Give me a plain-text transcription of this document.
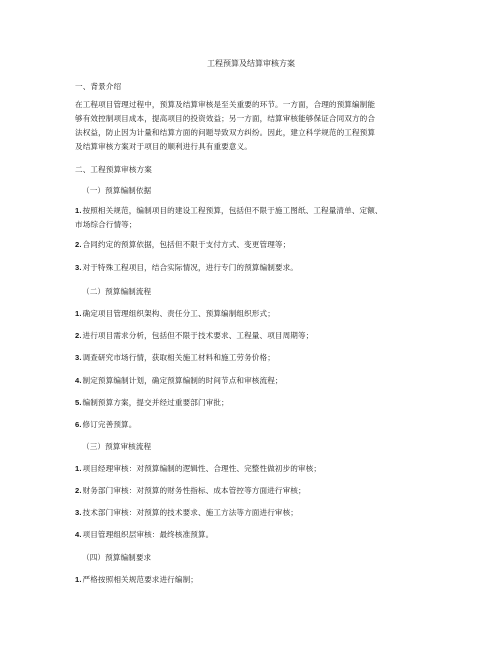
工程预算及结算审核方案

一、背景介绍

在工程项目管理过程中，预算及结算审核是至关重要的环节。一方面，合理的预算编制能

够有效控制项目成本，提高项目的投资效益；另一方面，结算审核能够保证合同双方的合

法权益，防止因为计量和结算方面的问题导致双方纠纷。因此，建立科学规范的工程预算

及结算审核方案对于项目的顺利进行具有重要意义。

二、工程预算审核方案

（一）预算编制依据

1.按照相关规范，编制项目的建设工程预算，包括但不限于施工图纸、工程量清单、定额、

市场综合行情等；

2.合同约定的预算依据，包括但不限于支付方式、变更管理等；

3.对于特殊工程项目，结合实际情况，进行专门的预算编制要求。

（二）预算编制流程

1.确定项目管理组织架构、责任分工、预算编制组织形式；

2.进行项目需求分析，包括但不限于技术要求、工程量、项目周期等；

3.调查研究市场行情，获取相关施工材料和施工劳务价格；

4.制定预算编制计划，确定预算编制的时间节点和审核流程；

5.编制预算方案，提交并经过重要部门审批；

6.修订完善预算。

（三）预算审核流程

1.项目经理审核：对预算编制的逻辑性、合理性、完整性做初步的审核；

2.财务部门审核：对预算的财务性指标、成本管控等方面进行审核；

3.技术部门审核：对预算的技术要求、施工方法等方面进行审核；

4.项目管理组织层审核：最终核准预算。

（四）预算编制要求

1.严格按照相关规范要求进行编制；
